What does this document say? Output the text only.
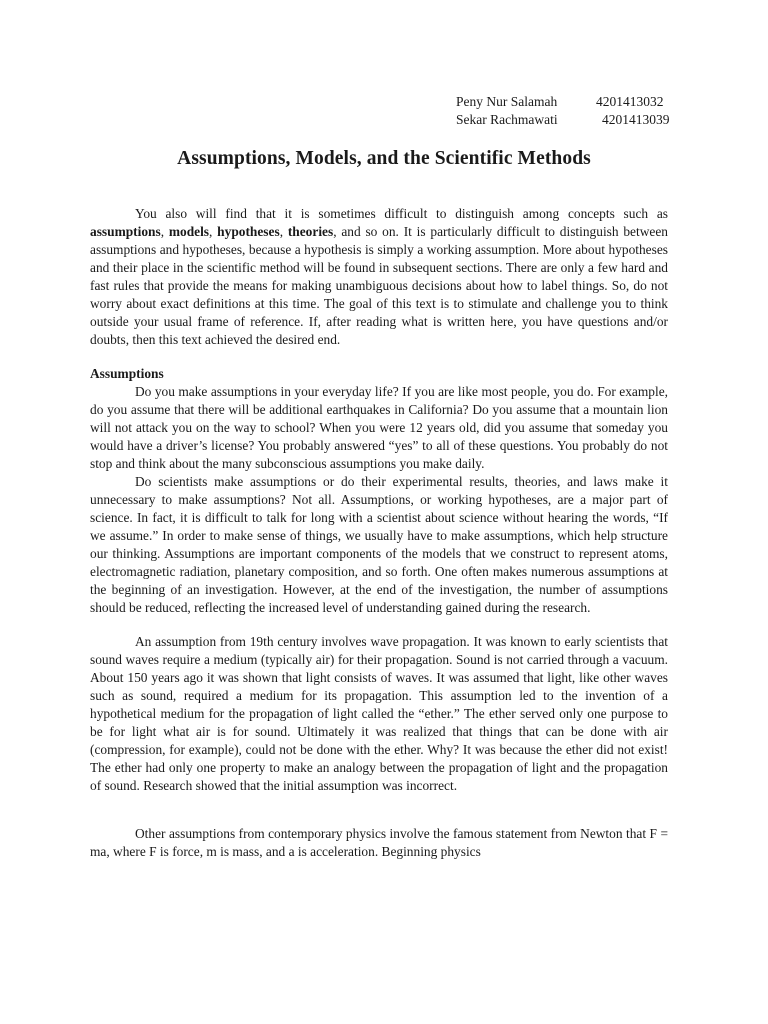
Peny Nur Salamah	4201413032
Sekar Rachmawati	4201413039
Assumptions, Models, and the Scientific Methods

You also will find that it is sometimes difficult to distinguish among concepts such as assumptions, models, hypotheses, theories, and so on. It is particularly difficult to distinguish between assumptions and hypotheses, because a hypothesis is simply a working assumption. More about hypotheses and their place in the scientific method will be found in subsequent sections. There are only a few hard and fast rules that provide the means for making unambiguous decisions about how to label things. So, do not worry about exact definitions at this time. The goal of this text is to stimulate and challenge you to think outside your usual frame of reference. If, after reading what is written here, you have questions and/or doubts, then this text achieved the desired end.

Assumptions

Do you make assumptions in your everyday life? If you are like most people, you do. For example, do you assume that there will be additional earthquakes in California? Do you assume that a mountain lion will not attack you on the way to school? When you were 12 years old, did you assume that someday you would have a driver’s license? You probably answered “yes” to all of these questions. You probably do not stop and think about the many subconscious assumptions you make daily.

Do scientists make assumptions or do their experimental results, theories, and laws make it unnecessary to make assumptions? Not all. Assumptions, or working hypotheses, are a major part of science. In fact, it is difficult to talk for long with a scientist about science without hearing the words, “If we assume.” In order to make sense of things, we usually have to make assumptions, which help structure our thinking. Assumptions are important components of the models that we construct to represent atoms, electromagnetic radiation, planetary composition, and so forth. One often makes numerous assumptions at the beginning of an investigation. However, at the end of the investigation, the number of assumptions should be reduced, reflecting the increased level of understanding gained during the research.

An assumption from 19th century involves wave propagation. It was known to early scientists that sound waves require a medium (typically air) for their propagation. Sound is not carried through a vacuum. About 150 years ago it was shown that light consists of waves. It was assumed that light, like other waves such as sound, required a medium for its propagation. This assumption led to the invention of a hypothetical medium for the propagation of light called the “ether.” The ether served only one purpose to be for light what air is for sound. Ultimately it was realized that things that can be done with air (compression, for example), could not be done with the ether. Why? It was because the ether did not exist! The ether had only one property to make an analogy between the propagation of light and the propagation of sound. Research showed that the initial assumption was incorrect.

Other assumptions from contemporary physics involve the famous statement from Newton that F = ma, where F is force, m is mass, and a is acceleration. Beginning physics
